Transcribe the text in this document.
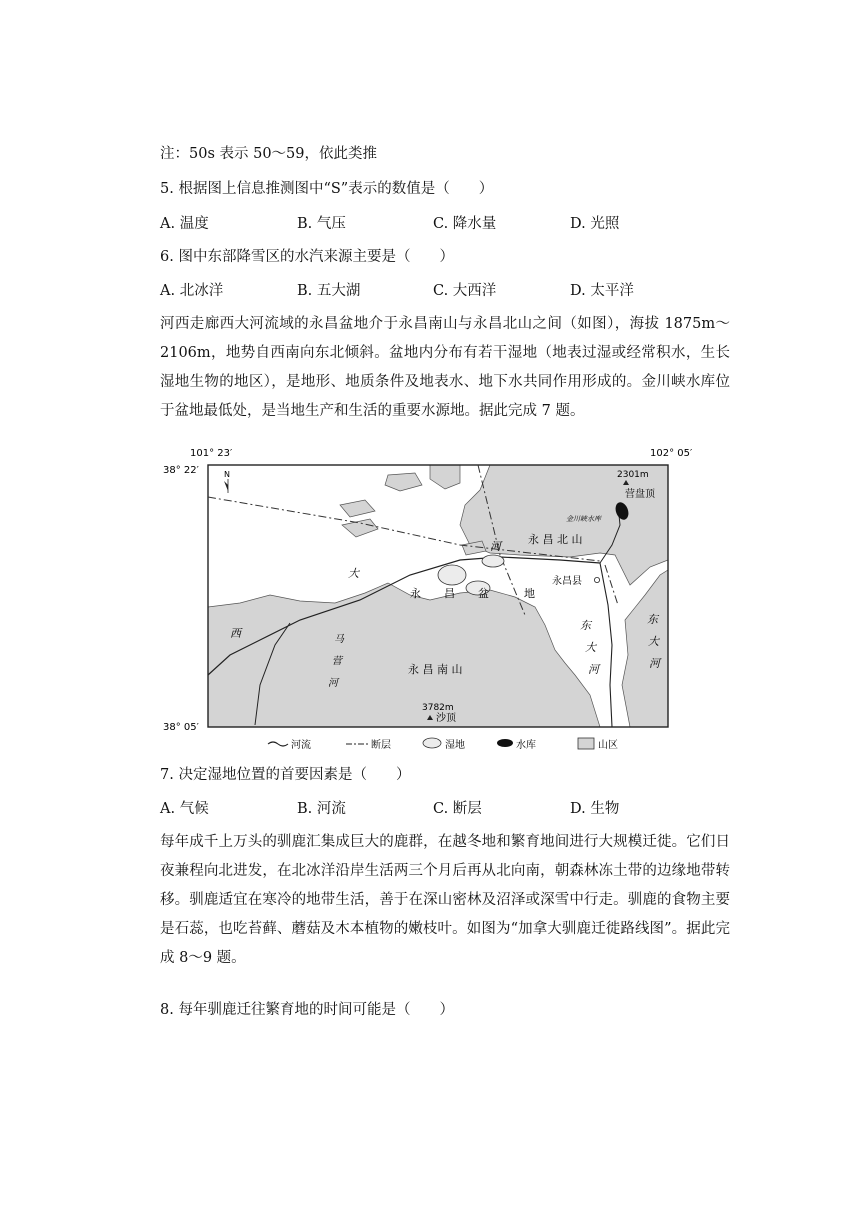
注：50s 表示 50～59，依此类推
5. 根据图上信息推测图中“S”表示的数值是（　　）
A. 温度	B. 气压	C. 降水量	D. 光照
6. 图中东部降雪区的水汽来源主要是（　　）
A. 北冰洋	B. 五大湖	C. 大西洋	D. 太平洋
河西走廊西大河流域的永昌盆地介于永昌南山与永昌北山之间（如图），海拔 1875m～2106m，地势自西南向东北倾斜。盆地内分布有若干湿地（地表过湿或经常积水，生长湿地生物的地区），是地形、地质条件及地表水、地下水共同作用形成的。金川峡水库位于盆地最低处，是当地生产和生活的重要水源地。据此完成 7 题。
101° 23′	102° 05′
38° 22′
38° 05′
N
金川峡水库
2301m
营盘顶
3782m
沙顶
永 昌 北 山
永昌县
永 昌 盆	地
大
河
西	马
营
河
永 昌 南 山
东
大
河
东
大
河
河流	断层	湿地	水库	山区
7. 决定湿地位置的首要因素是（　　）
A. 气候	B. 河流	C. 断层	D. 生物
每年成千上万头的驯鹿汇集成巨大的鹿群，在越冬地和繁育地间进行大规模迁徙。它们日夜兼程向北进发，在北冰洋沿岸生活两三个月后再从北向南，朝森林冻土带的边缘地带转移。驯鹿适宜在寒冷的地带生活，善于在深山密林及沼泽或深雪中行走。驯鹿的食物主要是石蕊，也吃苔藓、蘑菇及木本植物的嫩枝叶。如图为“加拿大驯鹿迁徙路线图”。据此完成 8～9 题。
8. 每年驯鹿迁往繁育地的时间可能是（　　）
